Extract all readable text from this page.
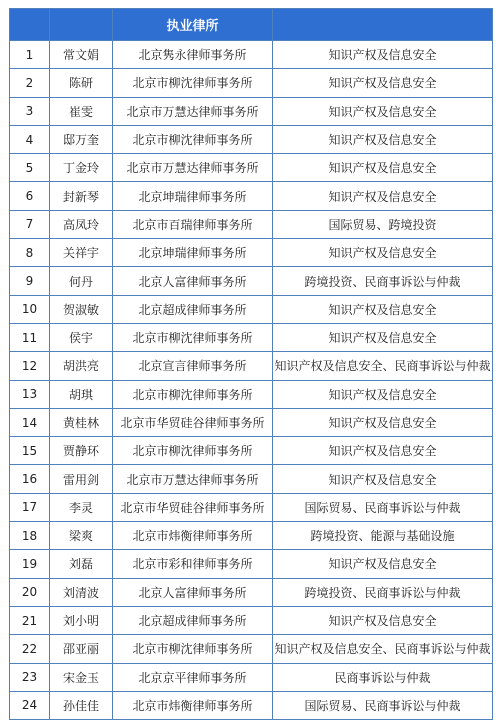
		执业律所	
1	常文娟	北京隽永律师事务所	知识产权及信息安全
2	陈研	北京市柳沈律师事务所	知识产权及信息安全
3	崔雯	北京市万慧达律师事务所	知识产权及信息安全
4	邸万奎	北京市柳沈律师事务所	知识产权及信息安全
5	丁金玲	北京市万慧达律师事务所	知识产权及信息安全
6	封新琴	北京坤瑞律师事务所	知识产权及信息安全
7	高凤玲	北京市百瑞律师事务所	国际贸易、跨境投资
8	关祥宇	北京坤瑞律师事务所	知识产权及信息安全
9	何丹	北京人富律师事务所	跨境投资、民商事诉讼与仲裁
10	贺淑敏	北京超成律师事务所	知识产权及信息安全
11	侯宇	北京市柳沈律师事务所	知识产权及信息安全
12	胡洪亮	北京宣言律师事务所	知识产权及信息安全、民商事诉讼与仲裁
13	胡琪	北京市柳沈律师事务所	知识产权及信息安全
14	黄桂林	北京市华贸硅谷律师事务所	知识产权及信息安全
15	贾静环	北京市柳沈律师事务所	知识产权及信息安全
16	雷用剑	北京市万慧达律师事务所	知识产权及信息安全
17	李灵	北京市华贸硅谷律师事务所	国际贸易、民商事诉讼与仲裁
18	梁爽	北京市炜衡律师事务所	跨境投资、能源与基础设施
19	刘磊	北京市彩和律师事务所	知识产权及信息安全
20	刘清波	北京人富律师事务所	跨境投资、民商事诉讼与仲裁
21	刘小明	北京超成律师事务所	知识产权及信息安全
22	邵亚丽	北京市柳沈律师事务所	知识产权及信息安全、民商事诉讼与仲裁
23	宋金玉	北京京平律师事务所	民商事诉讼与仲裁
24	孙佳佳	北京市炜衡律师事务所	国际贸易、民商事诉讼与仲裁
